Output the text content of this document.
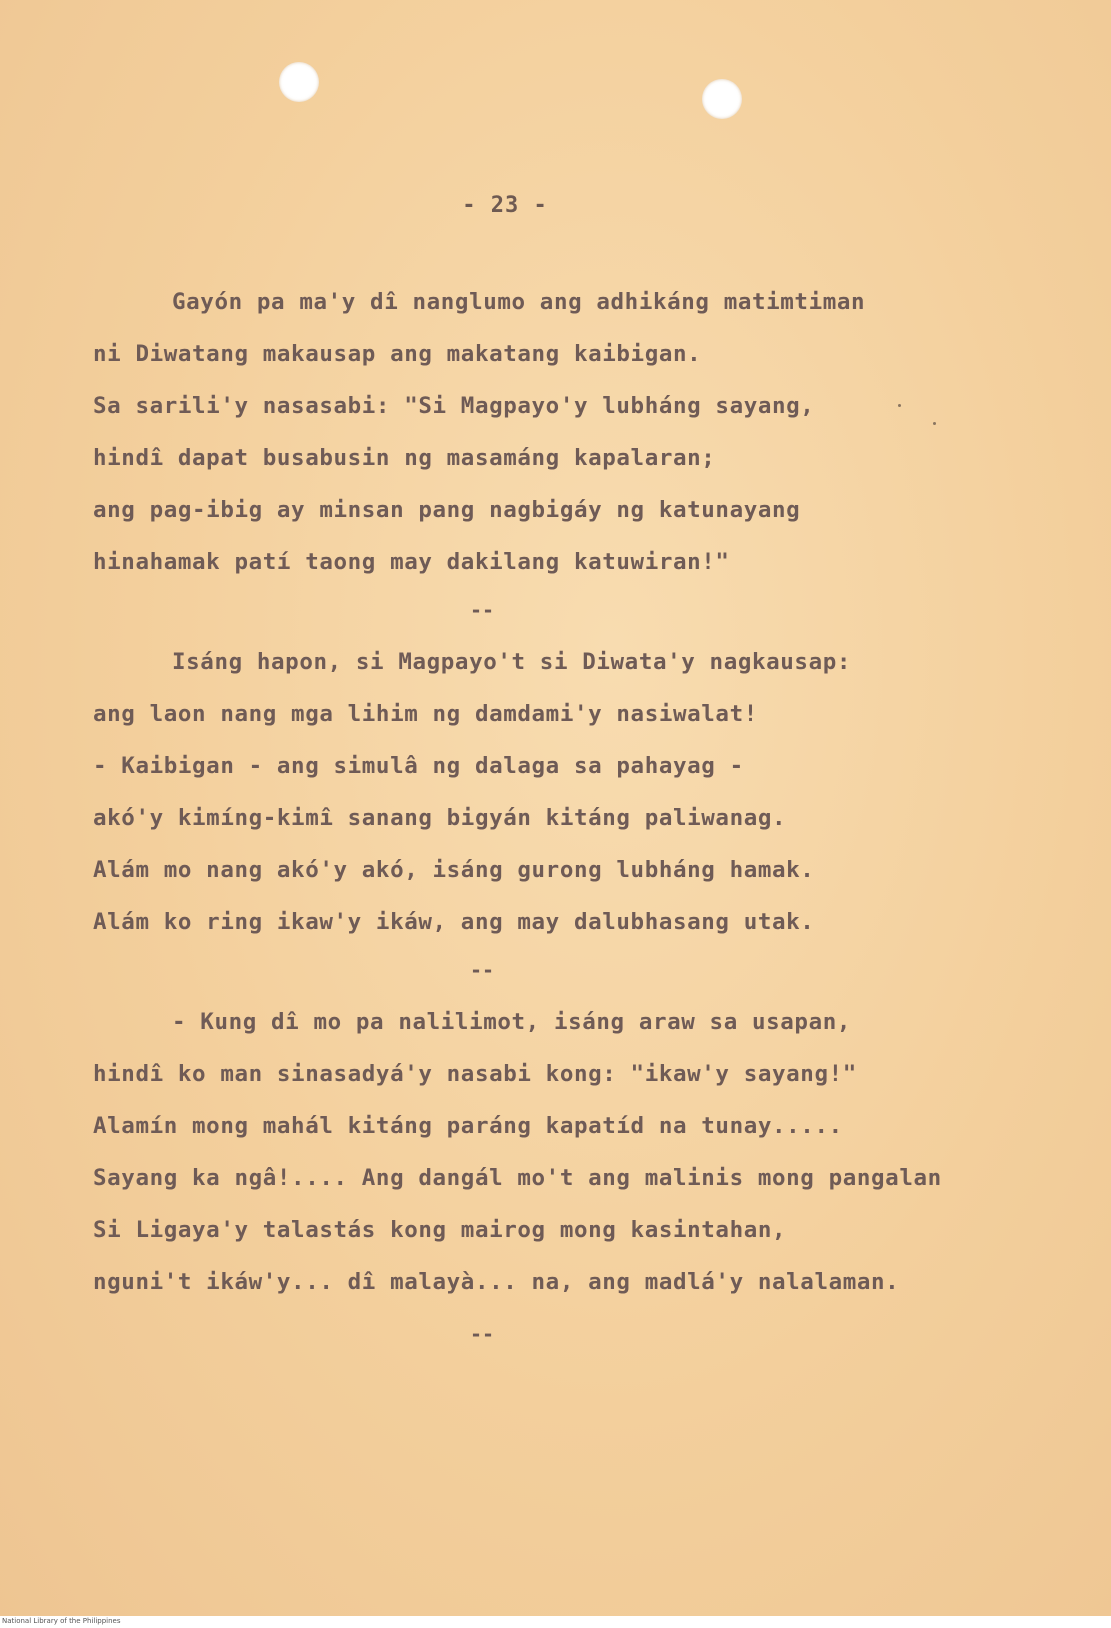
- 23 -
Gayón pa ma'y dî nanglumo ang adhikáng matimtiman
ni Diwatang makausap ang makatang kaibigan.
Sa sarili'y nasasabi: "Si Magpayo'y lubháng sayang,
hindî dapat busabusin ng masamáng kapalaran;
ang pag-ibig ay minsan pang nagbigáy ng katunayang
hinahamak patí taong may dakilang katuwiran!"
--
Isáng hapon, si Magpayo't si Diwata'y nagkausap:
ang laon nang mga lihim ng damdami'y nasiwalat!
- Kaibigan - ang simulâ ng dalaga sa pahayag -
akó'y kimíng-kimî sanang bigyán kitáng paliwanag.
Alám mo nang akó'y akó, isáng gurong lubháng hamak.
Alám ko ring ikaw'y ikáw, ang may dalubhasang utak.
--
- Kung dî mo pa nalilimot, isáng araw sa usapan,
hindî ko man sinasadyá'y nasabi kong: "ikaw'y sayang!"
Alamín mong mahál kitáng paráng kapatíd na tunay.....
Sayang ka ngâ!.... Ang dangál mo't ang malinis mong pangalan
Si Ligaya'y talastás kong mairog mong kasintahan,
nguni't ikáw'y... dî malayà... na, ang madlá'y nalalaman.
--
National Library of the Philippines
